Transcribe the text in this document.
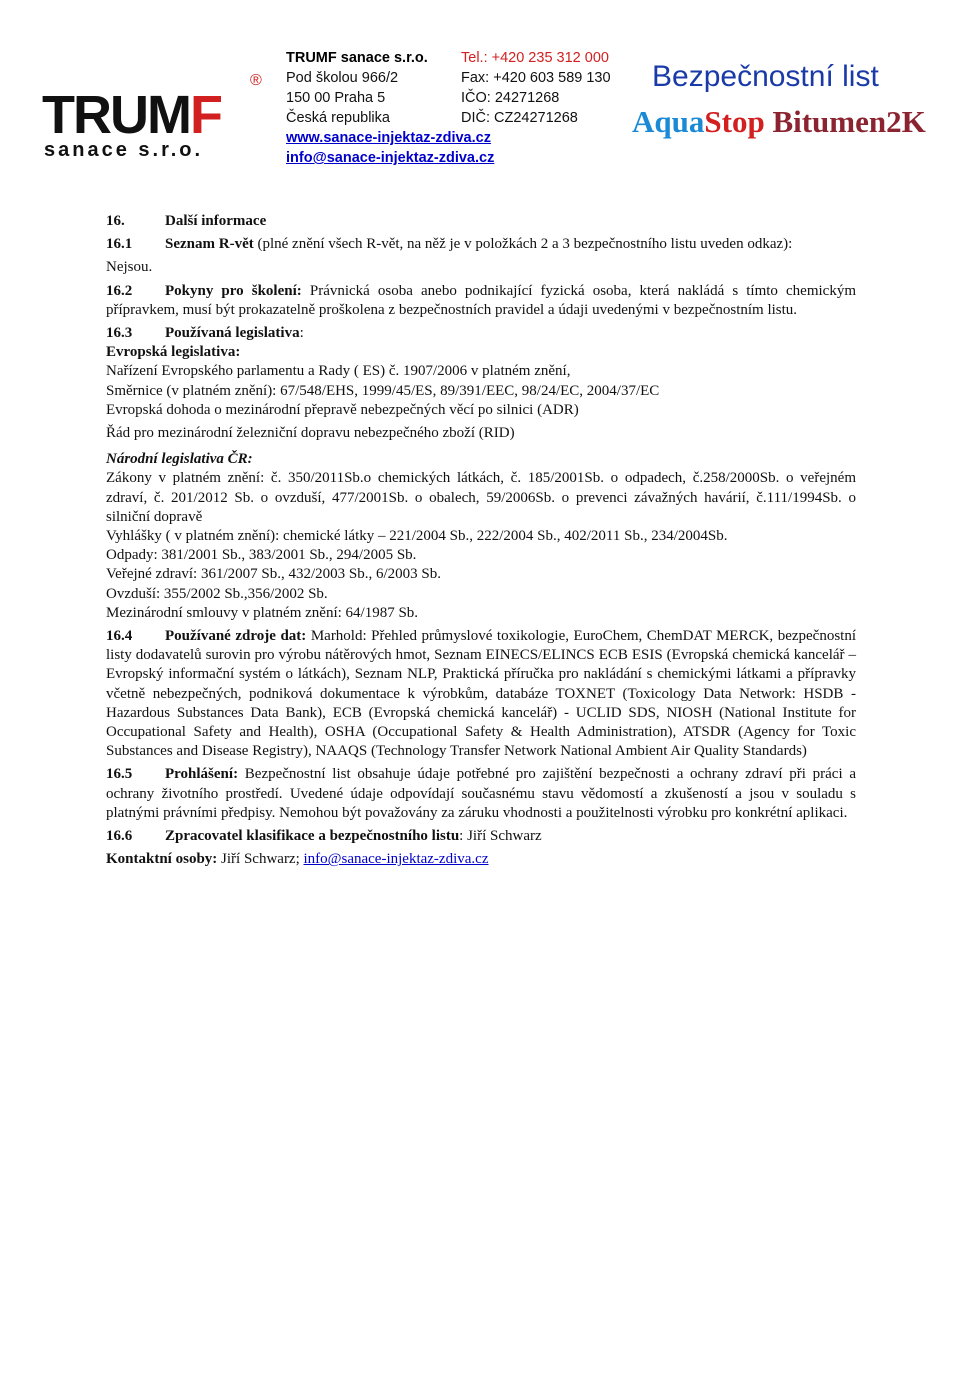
TRUMF
sanace s.r.o.
®
TRUMF sanace s.r.o.
Pod školou 966/2
150 00 Praha 5
Česká republika
www.sanace-injektaz-zdiva.cz
info@sanace-injektaz-zdiva.cz
Tel.: +420 235 312 000
Fax: +420 603 589 130
IČO: 24271268
DIČ: CZ24271268
Bezpečnostní list
AquaStop Bitumen2K

16.	Další informace

16.1 Seznam R-vět (plné znění všech R-vět, na něž je v položkách 2 a 3 bezpečnostního listu uveden odkaz):

Nejsou.

16.2 Pokyny pro školení: Právnická osoba anebo podnikající fyzická osoba, která nakládá s tímto chemickým přípravkem, musí být prokazatelně proškolena z bezpečnostních pravidel a údaji uvedenými v bezpečnostním listu.

16.3 Používaná legislativa:

Evropská legislativa:

Nařízení Evropského parlamentu a Rady ( ES) č. 1907/2006 v platném znění,

Směrnice (v platném znění): 67/548/EHS, 1999/45/ES, 89/391/EEC, 98/24/EC, 2004/37/EC

Evropská dohoda o mezinárodní přepravě nebezpečných věcí po silnici (ADR)

Řád pro mezinárodní železniční dopravu nebezpečného zboží (RID)

Národní legislativa ČR:

Zákony v platném znění: č. 350/2011Sb.o chemických látkách, č. 185/2001Sb. o odpadech, č.258/2000Sb. o veřejném zdraví, č. 201/2012 Sb. o ovzduší, 477/2001Sb. o obalech, 59/2006Sb. o prevenci závažných havárií, č.111/1994Sb. o silniční dopravě

Vyhlášky ( v platném znění): chemické látky – 221/2004 Sb., 222/2004 Sb., 402/2011 Sb., 234/2004Sb.

Odpady: 381/2001 Sb., 383/2001 Sb., 294/2005 Sb.

Veřejné zdraví: 361/2007 Sb., 432/2003 Sb., 6/2003 Sb.

Ovzduší: 355/2002 Sb.,356/2002 Sb.

Mezinárodní smlouvy v platném znění: 64/1987 Sb.

16.4 Používané zdroje dat: Marhold: Přehled průmyslové toxikologie, EuroChem, ChemDAT MERCK, bezpečnostní listy dodavatelů surovin pro výrobu nátěrových hmot, Seznam EINECS/ELINCS ECB ESIS (Evropská chemická kancelář – Evropský informační systém o látkách), Seznam NLP, Praktická příručka pro nakládání s chemickými látkami a přípravky včetně nebezpečných, podniková dokumentace k výrobkům, databáze TOXNET (Toxicology Data Network: HSDB - Hazardous Substances Data Bank), ECB (Evropská chemická kancelář) - UCLID SDS, NIOSH (National Institute for Occupational Safety and Health), OSHA (Occupational Safety & Health Administration), ATSDR (Agency for Toxic Substances and Disease Registry), NAAQS (Technology Transfer Network National Ambient Air Quality Standards)

16.5 Prohlášení: Bezpečnostní list obsahuje údaje potřebné pro zajištění bezpečnosti a ochrany zdraví při práci a ochrany životního prostředí. Uvedené údaje odpovídají současnému stavu vědomostí a zkušeností a jsou v souladu s platnými právními předpisy. Nemohou být považovány za záruku vhodnosti a použitelnosti výrobku pro konkrétní aplikaci.

16.6 Zpracovatel klasifikace a bezpečnostního listu: Jiří Schwarz

Kontaktní osoby: Jiří Schwarz; info@sanace-injektaz-zdiva.cz
